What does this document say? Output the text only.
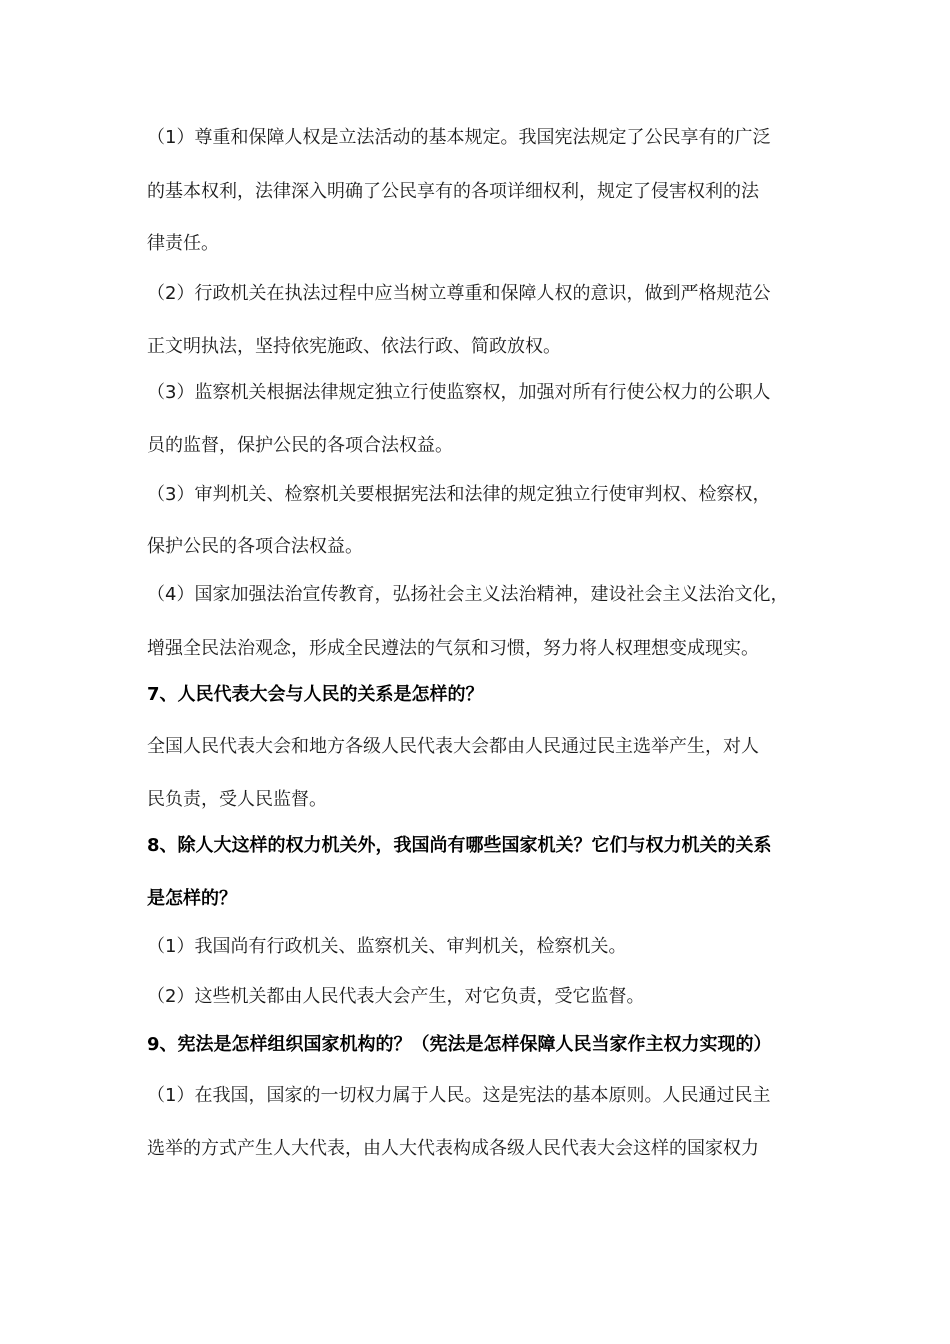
（1）尊重和保障人权是立法活动的基本规定。我国宪法规定了公民享有的广泛
的基本权利，法律深入明确了公民享有的各项详细权利，规定了侵害权利的法
律责任。
（2）行政机关在执法过程中应当树立尊重和保障人权的意识，做到严格规范公
正文明执法，坚持依宪施政、依法行政、简政放权。
（3）监察机关根据法律规定独立行使监察权，加强对所有行使公权力的公职人
员的监督，保护公民的各项合法权益。
（3）审判机关、检察机关要根据宪法和法律的规定独立行使审判权、检察权，
保护公民的各项合法权益。
（4）国家加强法治宣传教育，弘扬社会主义法治精神，建设社会主义法治文化，
增强全民法治观念，形成全民遵法的气氛和习惯，努力将人权理想变成现实。
7、人民代表大会与人民的关系是怎样的？
全国人民代表大会和地方各级人民代表大会都由人民通过民主选举产生，对人
民负责，受人民监督。
8、除人大这样的权力机关外，我国尚有哪些国家机关？它们与权力机关的关系
是怎样的？
（1）我国尚有行政机关、监察机关、审判机关，检察机关。
（2）这些机关都由人民代表大会产生，对它负责，受它监督。
9、宪法是怎样组织国家机构的？（宪法是怎样保障人民当家作主权力实现的）
（1）在我国，国家的一切权力属于人民。这是宪法的基本原则。人民通过民主
选举的方式产生人大代表，由人大代表构成各级人民代表大会这样的国家权力
